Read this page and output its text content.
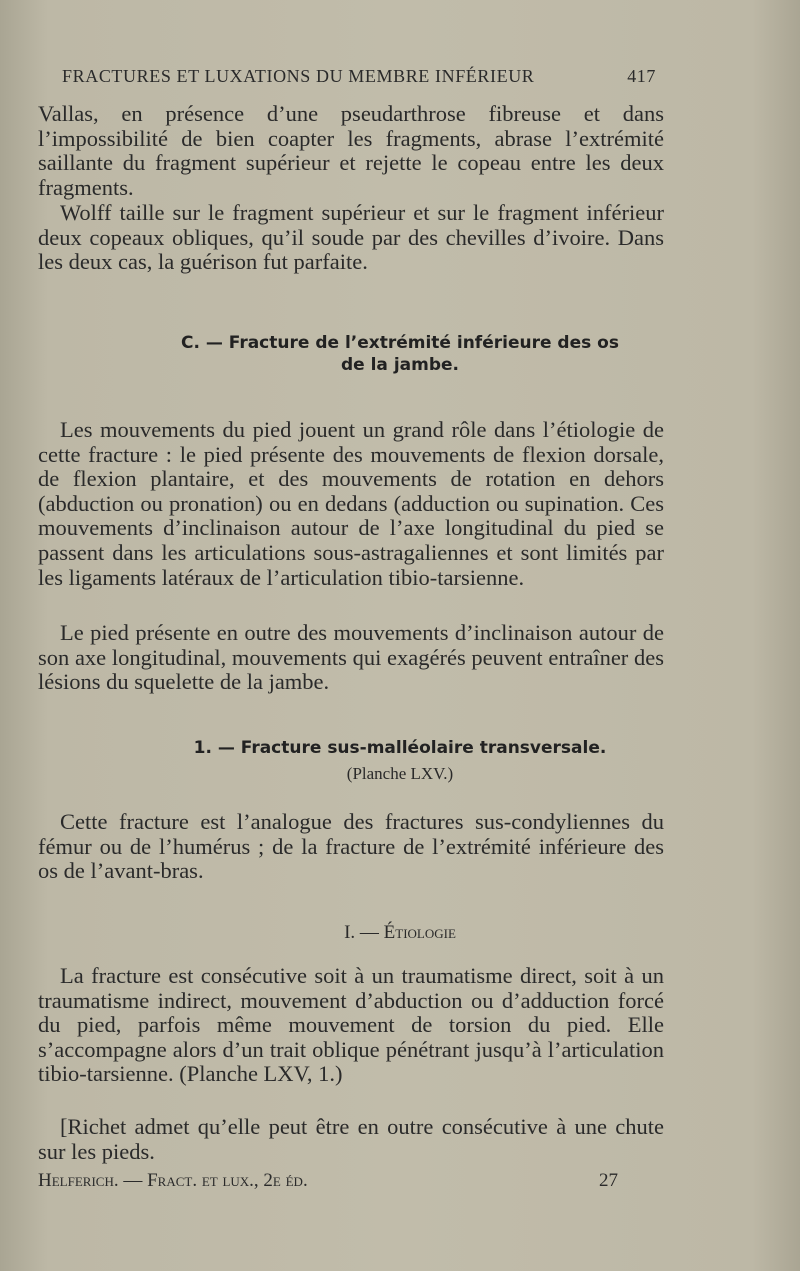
FRACTURES ET LUXATIONS DU MEMBRE INFÉRIEUR	417

Vallas, en présence d’une pseudarthrose fibreuse et dans l’impossibilité de bien coapter les fragments, abrase l’extrémité saillante du fragment supérieur et rejette le copeau entre les deux fragments.

Wolff taille sur le fragment supérieur et sur le fragment inférieur deux copeaux obliques, qu’il soude par des chevilles d’ivoire. Dans les deux cas, la guérison fut parfaite.

C. — Fracture de l’extrémité inférieure des os
de la jambe.

Les mouvements du pied jouent un grand rôle dans l’étiologie de cette fracture : le pied présente des mouvements de flexion dorsale, de flexion plantaire, et des mouvements de rotation en dehors (abduction ou pronation) ou en dedans (adduction ou supination. Ces mouvements d’inclinaison autour de l’axe longitudinal du pied se passent dans les articulations sous-astragaliennes et sont limités par les ligaments latéraux de l’articulation tibio-tarsienne.

Le pied présente en outre des mouvements d’inclinaison autour de son axe longitudinal, mouvements qui exagérés peuvent entraîner des lésions du squelette de la jambe.

1. — Fracture sus-malléolaire transversale.
(Planche LXV.)

Cette fracture est l’analogue des fractures sus-condyliennes du fémur ou de l’humérus ; de la fracture de l’extrémité inférieure des os de l’avant-bras.

I. — Étiologie

La fracture est consécutive soit à un traumatisme direct, soit à un traumatisme indirect, mouvement d’abduction ou d’adduction forcé du pied, parfois même mouvement de torsion du pied. Elle s’accompagne alors d’un trait oblique pénétrant jusqu’à l’articulation tibio-tarsienne. (Planche LXV, 1.)

[Richet admet qu’elle peut être en outre consécutive à une chute sur les pieds.

Helferich. — Fract. et lux., 2e éd.	27
